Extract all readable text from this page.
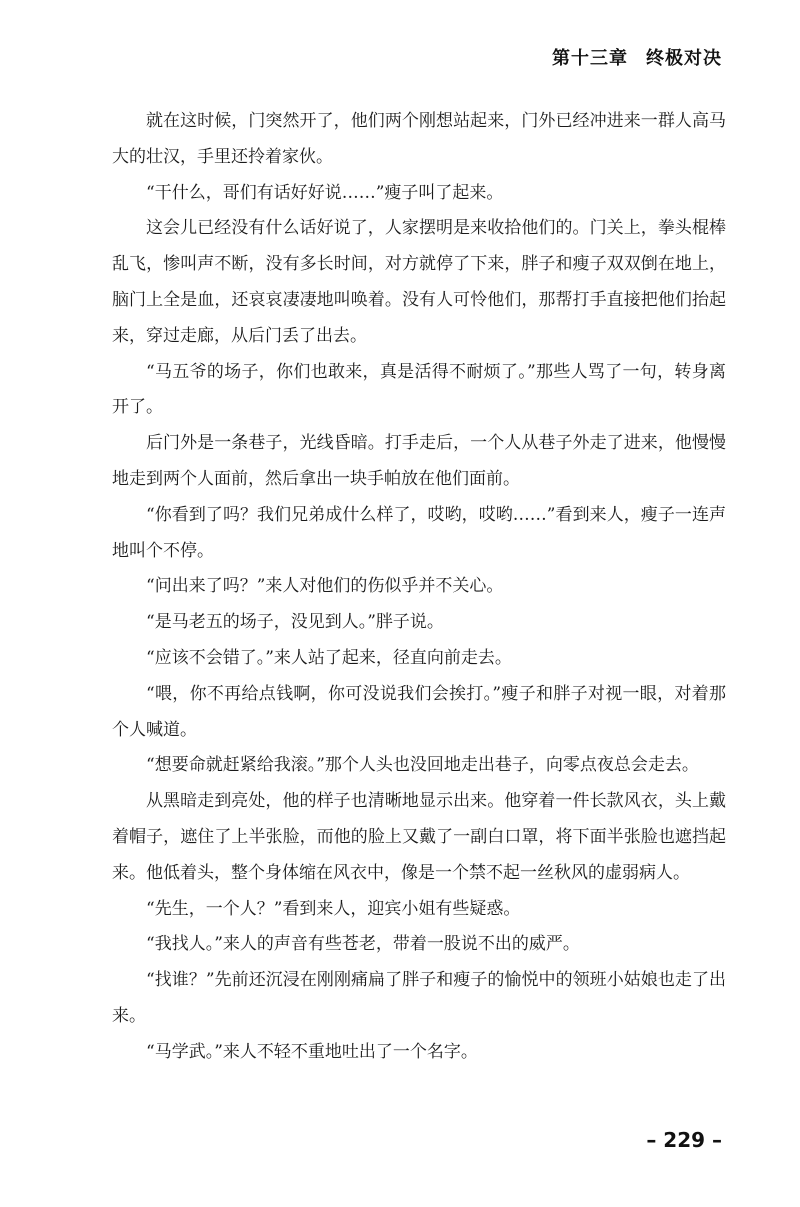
第十三章 终极对决

就在这时候，门突然开了，他们两个刚想站起来，门外已经冲进来一群人高马大的壮汉，手里还拎着家伙。

“干什么，哥们有话好好说……”瘦子叫了起来。

这会儿已经没有什么话好说了，人家摆明是来收拾他们的。门关上，拳头棍棒乱飞，惨叫声不断，没有多长时间，对方就停了下来，胖子和瘦子双双倒在地上，脑门上全是血，还哀哀凄凄地叫唤着。没有人可怜他们，那帮打手直接把他们抬起来，穿过走廊，从后门丢了出去。

“马五爷的场子，你们也敢来，真是活得不耐烦了。”那些人骂了一句，转身离开了。

后门外是一条巷子，光线昏暗。打手走后，一个人从巷子外走了进来，他慢慢地走到两个人面前，然后拿出一块手帕放在他们面前。

“你看到了吗？我们兄弟成什么样了，哎哟，哎哟……”看到来人，瘦子一连声地叫个不停。

“问出来了吗？”来人对他们的伤似乎并不关心。

“是马老五的场子，没见到人。”胖子说。

“应该不会错了。”来人站了起来，径直向前走去。

“喂，你不再给点钱啊，你可没说我们会挨打。”瘦子和胖子对视一眼，对着那个人喊道。

“想要命就赶紧给我滚。”那个人头也没回地走出巷子，向零点夜总会走去。

从黑暗走到亮处，他的样子也清晰地显示出来。他穿着一件长款风衣，头上戴着帽子，遮住了上半张脸，而他的脸上又戴了一副白口罩，将下面半张脸也遮挡起来。他低着头，整个身体缩在风衣中，像是一个禁不起一丝秋风的虚弱病人。

“先生，一个人？”看到来人，迎宾小姐有些疑惑。

“我找人。”来人的声音有些苍老，带着一股说不出的威严。

“找谁？”先前还沉浸在刚刚痛扁了胖子和瘦子的愉悦中的领班小姑娘也走了出来。

“马学武。”来人不轻不重地吐出了一个名字。

– 229 –
